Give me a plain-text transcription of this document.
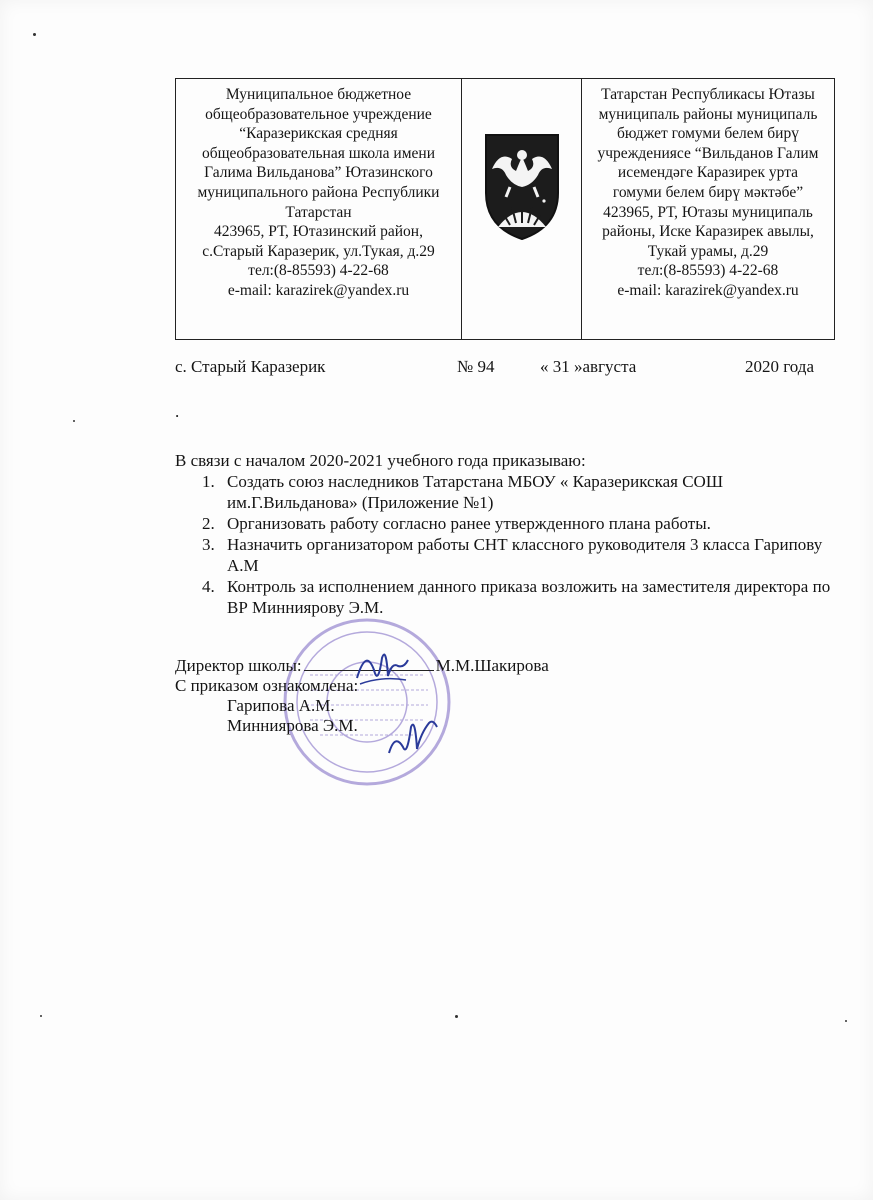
Муниципальное бюджетное
общеобразовательное учреждение
“Каразерикская средняя
общеобразовательная школа имени
Галима Вильданова” Ютазинского
муниципального района Республики
Татарстан
423965, РТ, Ютазинский район,
с.Старый Каразерик, ул.Тукая, д.29
тел:(8-85593) 4-22-68
e-mail: karazirek@yandex.ru
Татарстан Республикасы Ютазы
муниципаль районы муниципаль
бюджет гомуми белем бирү
учреждениясе “Вильданов Галим
исемендәге Каразирек урта
гомуми белем бирү мәктәбе”
423965, РТ, Ютазы муниципаль
районы, Иске Каразирек авылы,
Тукай урамы, д.29
тел:(8-85593) 4-22-68
e-mail: karazirek@yandex.ru
с. Старый Каразерик	№ 94	« 31 »августа	2020 года
.
В связи с началом 2020-2021 учебного года приказываю:
1. Создать союз наследников Татарстана МБОУ « Каразерикская СОШ им.Г.Вильданова» (Приложение №1)
2. Организовать работу согласно ранее утвержденного плана работы.
3. Назначить организатором работы СНТ классного руководителя 3 класса Гарипову А.М
4. Контроль за исполнением данного приказа возложить на заместителя директора по ВР Минниярову Э.М.
Директор школы:	М.М.Шакирова
С приказом ознакомлена:
Гарипова А.М.
Минниярова Э.М.
